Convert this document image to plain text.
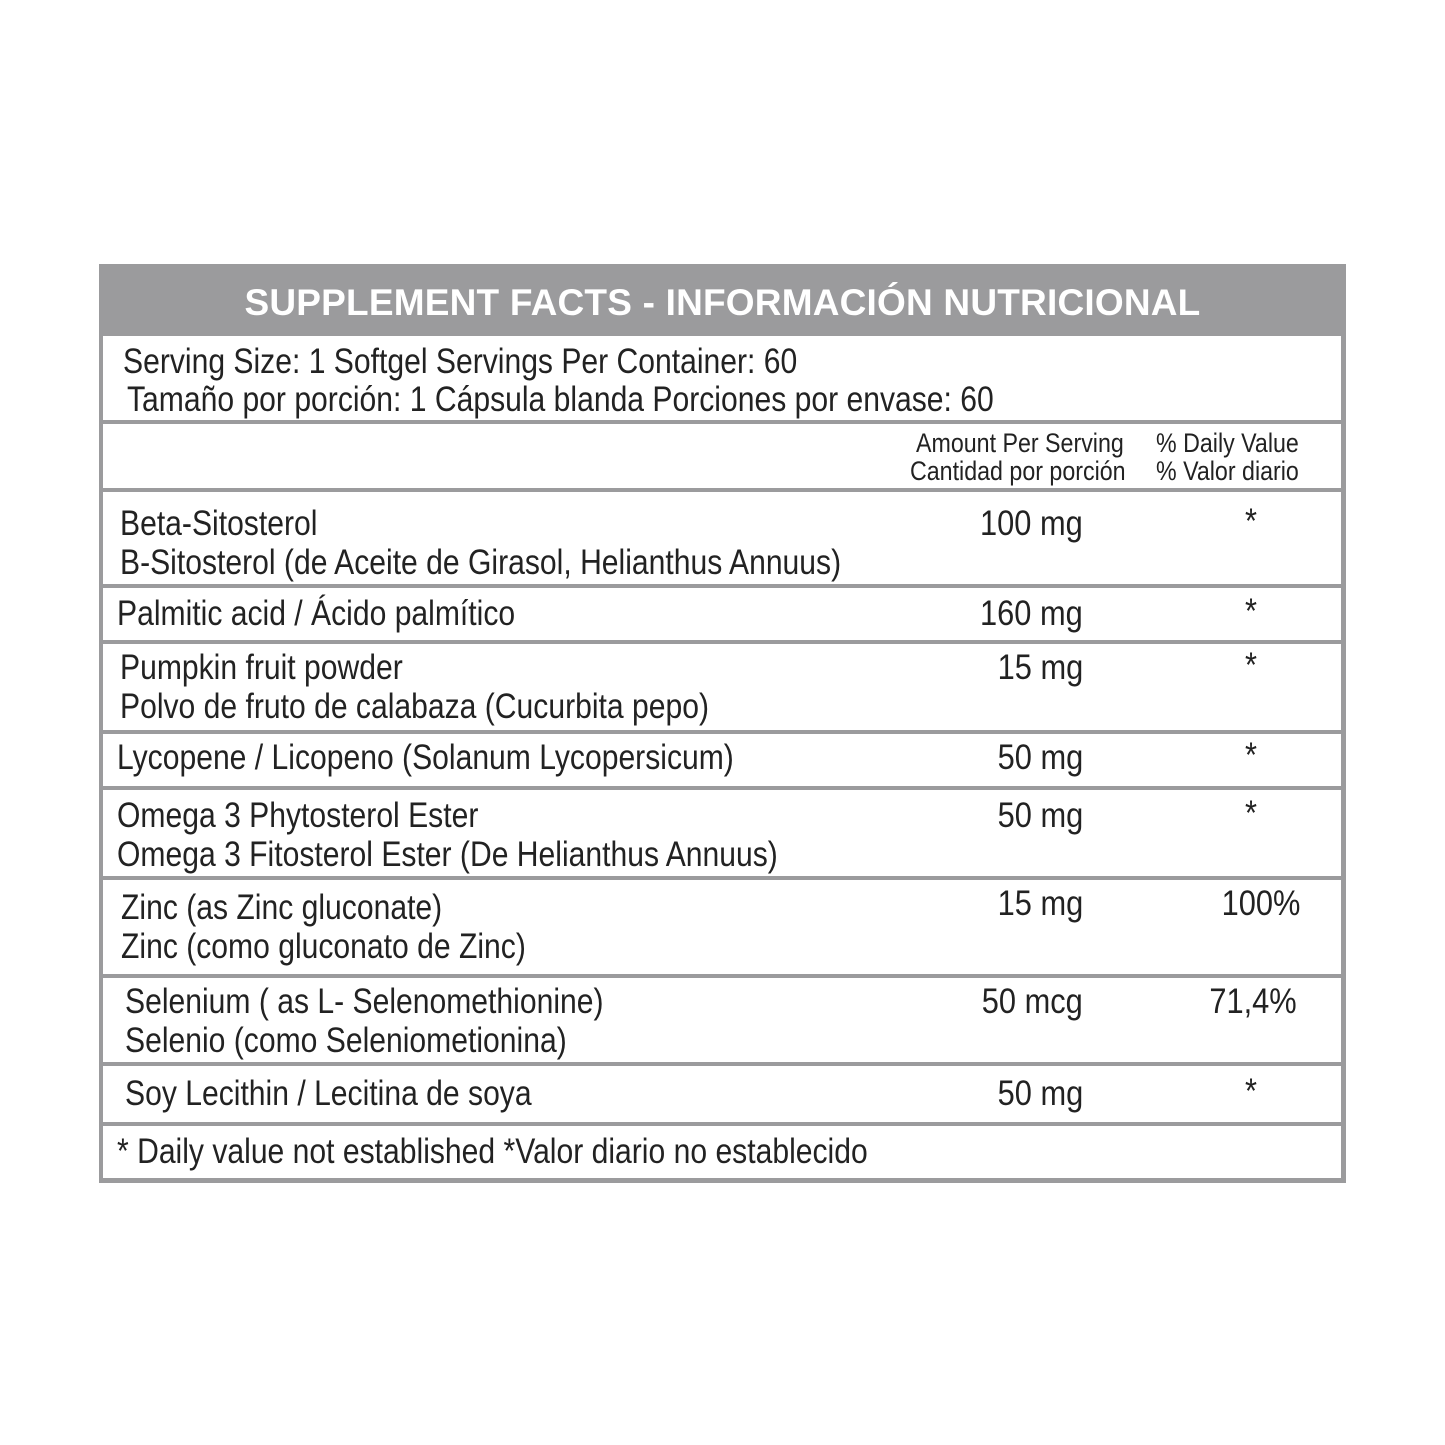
SUPPLEMENT FACTS - INFORMACIÓN NUTRICIONAL
Serving Size: 1 Softgel Servings Per Container: 60
Tamaño por porción: 1 Cápsula blanda Porciones por envase: 60
Amount Per Serving
Cantidad por porción
% Daily Value
% Valor diario
Beta-Sitosterol
B-Sitosterol (de Aceite de Girasol, Helianthus Annuus)
100 mg	*
Palmitic acid / Ácido palmítico	160 mg	*
Pumpkin fruit powder
Polvo de fruto de calabaza (Cucurbita pepo)
15 mg	*
Lycopene / Licopeno (Solanum Lycopersicum)	50 mg	*
Omega 3 Phytosterol Ester
Omega 3 Fitosterol Ester (De Helianthus Annuus)
50 mg	*
Zinc (as Zinc gluconate)
Zinc (como gluconato de Zinc)
15 mg	100%
Selenium ( as L- Selenomethionine)
Selenio (como Seleniometionina)
50 mcg	71,4%
Soy Lecithin / Lecitina de soya	50 mg	*
* Daily value not established *Valor diario no establecido
